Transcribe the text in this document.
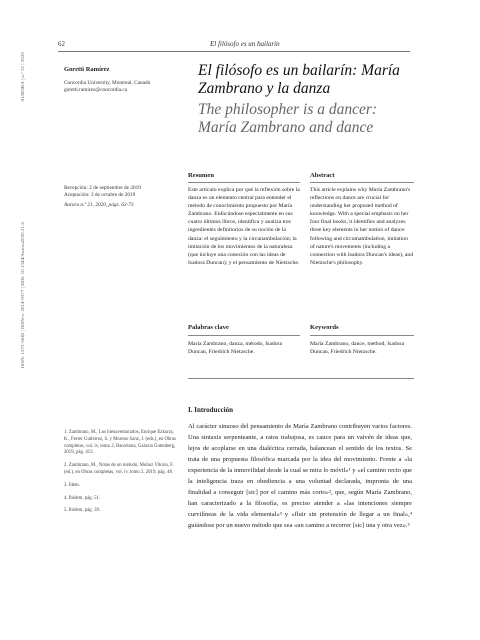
AURORA | n.º 21 | 2020
ISSN: 1575-5045 | ISSN-e: 2014-9377 | DOI: 10.1344/Aurora2020.21.6
62	El filósofo es un bailarín
Goretti Ramírez
Concordia University, Montreal, Canadá
goretti.ramirez@concordia.ca
El filósofo es un bailarín: María Zambrano y la danza
The philosopher is a dancer: María Zambrano and dance
Resumen	Abstract
Recepción: 2 de septiembre de 2019
Aceptación: 3 de octubre de 2019
Aurora n.º 21, 2020, págs. 62-73
Este artículo explica por qué la reflexión sobre la danza es un elemento central para entender el método de conocimiento propuesto por María Zambrano. Enfocándose especialmente en sus cuatro últimos libros, identifica y analiza tres ingredientes definitorios de su noción de la danza: el seguimiento y la circunambulación; la imitación de los movimientos de la naturaleza (que incluye una conexión con las ideas de Isadora Duncan); y el pensamiento de Nietzsche.
This article explains why María Zambrano's reflections on dance are crucial for understanding her proposed method of knowledge. With a special emphasis on her four final books, it identifies and analyzes three key elements in her notion of dance: following and circumambulation, imitation of nature's movements (including a connection with Isadora Duncan's ideas), and Nietzsche's philosophy.
Palabras clave	Keywords
María Zambrano, danza, método, Isadora Duncan, Friedrich Nietzsche.
María Zambrano, dance, method, Isadora Duncan, Friedrich Nietzsche.
I. Introducción
Al carácter sinuoso del pensamiento de María Zambrano contribuyen varios factores. Una sintaxis serpenteante, a ratos trabajosa, es cauce para un vaivén de ideas que, lejos de acoplarse en una dialéctica cerrada, balancean el sentido de los textos. Se trata de una propuesta filosófica marcada por la idea del movimiento. Frente a «la experiencia de la inmovilidad desde la cual se mira lo móvil»¹ y «el camino recto que la inteligencia traza en obediencia a una voluntad declarada, impronta de una finalidad a conseguir [sic] por el camino más corto»², que, según María Zambrano, han caracterizado a la filosofía, es preciso atender a «las intenciones siempre curvilíneas de la vida elemental»³ y «fluir sin pretensión de llegar a un final»,⁴ guiándose por un nuevo método que sea «un camino a recorrer [sic] una y otra vez».⁵
1. Zambrano, M., Los bienaventurados, Enrique Ezkurra, K., Ferrer Gutiérrez, S. y Moreno Sanz, J. (eds.), en Obras completas, vol. iv, tomo 2, Barcelona, Galaxia Gutenberg, 2019, pág. 413.
2. Zambrano, M., Notas de un método, Muñoz Vitoria, F. (ed.), en Obras completas, vol. iv, tomo 2, 2019, pág. 48.
3. Ídem.
4. Ibidem, pág. 51.
5. Ibidem, pág. 39.
